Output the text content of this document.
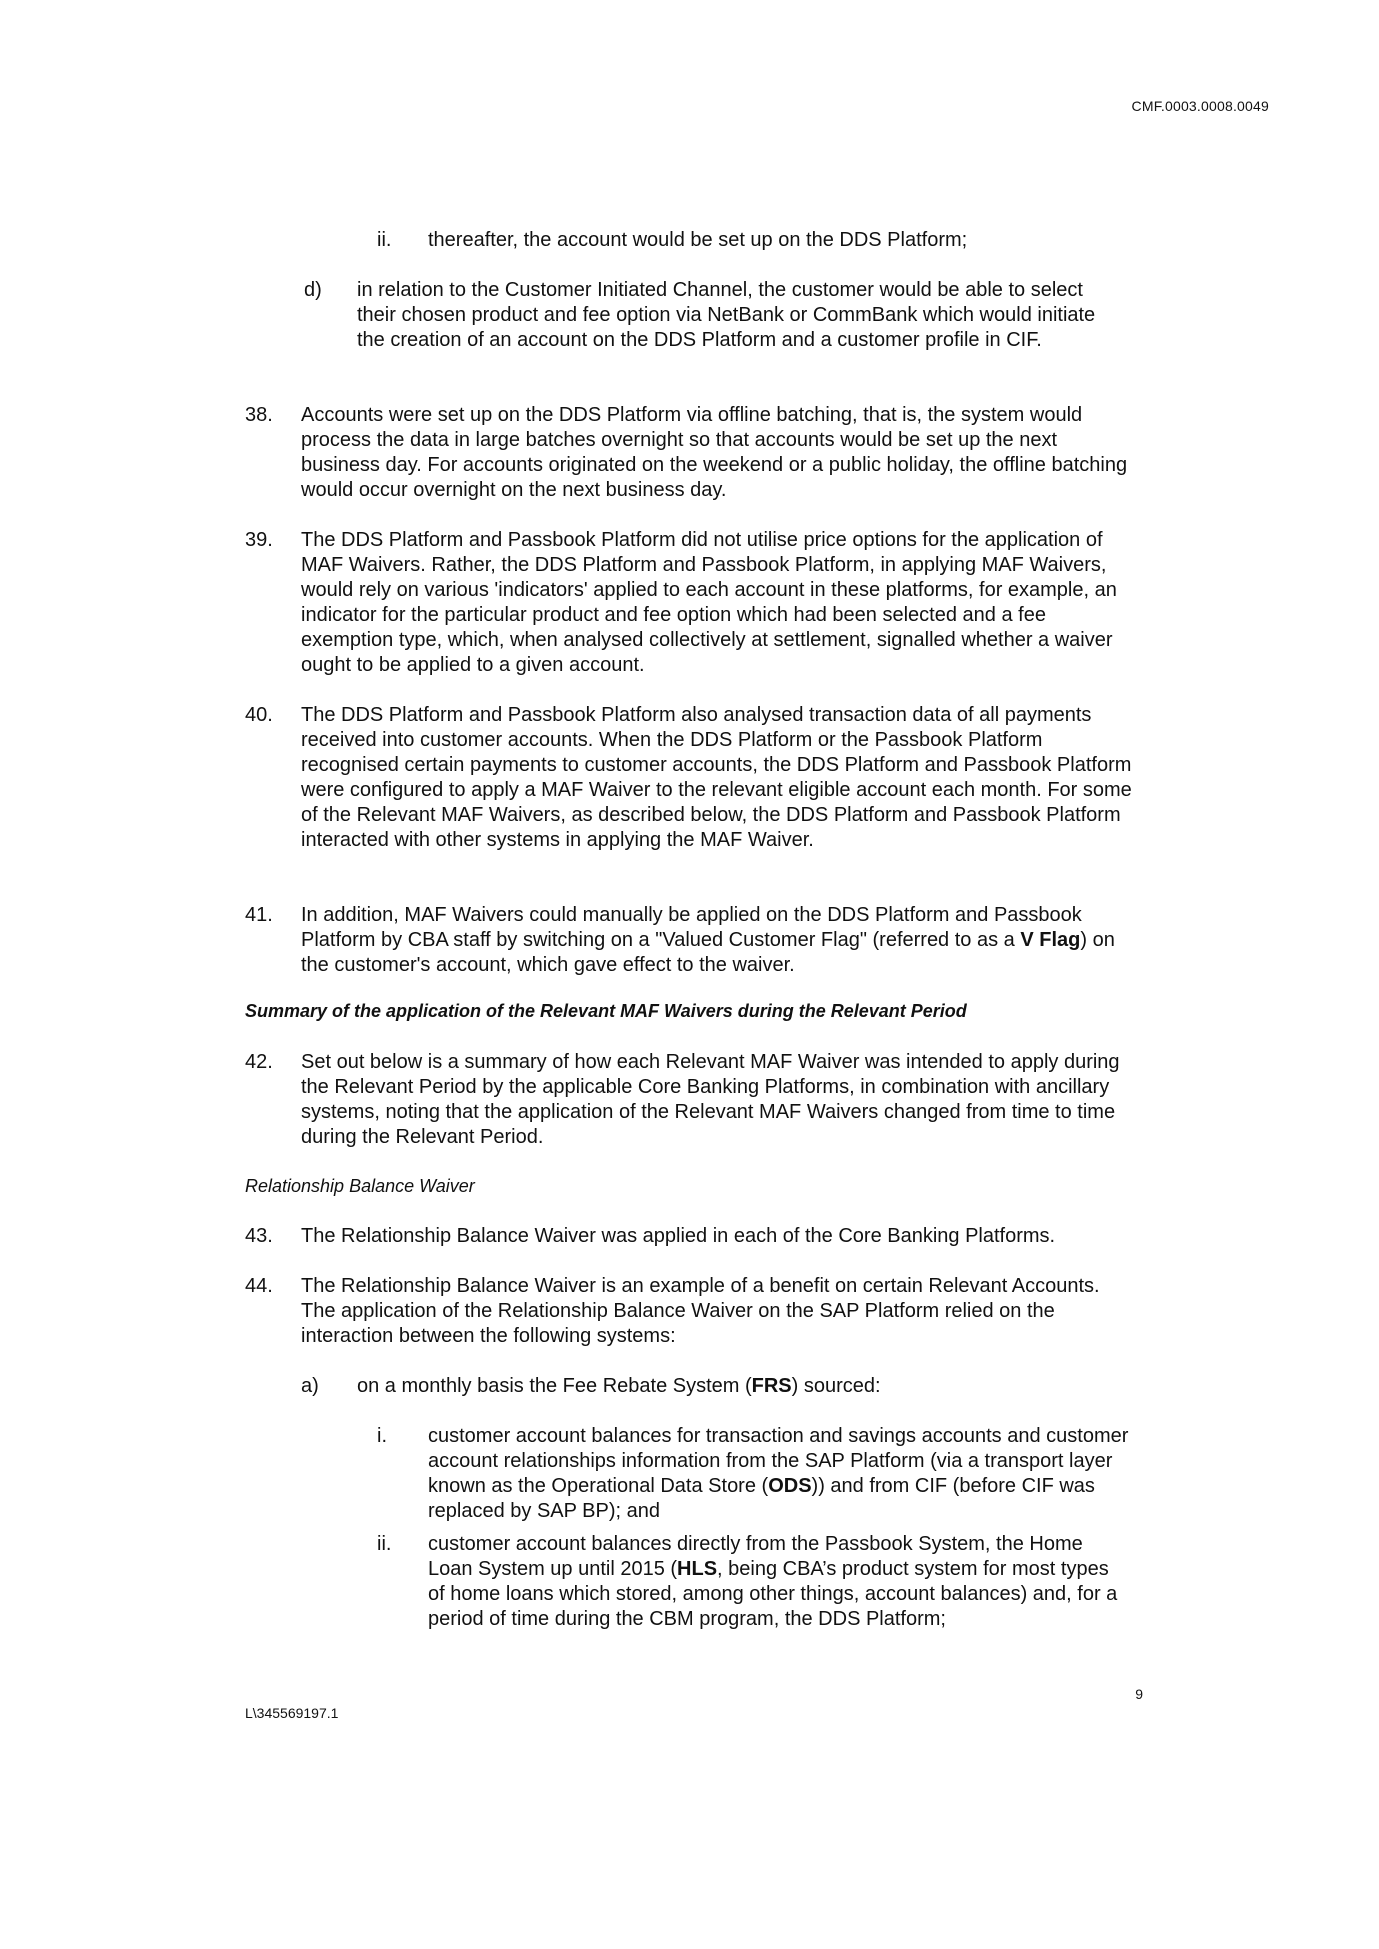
CMF.0003.0008.0049
ii. thereafter, the account would be set up on the DDS Platform;
d) in relation to the Customer Initiated Channel, the customer would be able to select their chosen product and fee option via NetBank or CommBank which would initiate the creation of an account on the DDS Platform and a customer profile in CIF.
38. Accounts were set up on the DDS Platform via offline batching, that is, the system would process the data in large batches overnight so that accounts would be set up the next business day. For accounts originated on the weekend or a public holiday, the offline batching would occur overnight on the next business day.
39. The DDS Platform and Passbook Platform did not utilise price options for the application of MAF Waivers. Rather, the DDS Platform and Passbook Platform, in applying MAF Waivers, would rely on various 'indicators' applied to each account in these platforms, for example, an indicator for the particular product and fee option which had been selected and a fee exemption type, which, when analysed collectively at settlement, signalled whether a waiver ought to be applied to a given account.
40. The DDS Platform and Passbook Platform also analysed transaction data of all payments received into customer accounts. When the DDS Platform or the Passbook Platform recognised certain payments to customer accounts, the DDS Platform and Passbook Platform were configured to apply a MAF Waiver to the relevant eligible account each month. For some of the Relevant MAF Waivers, as described below, the DDS Platform and Passbook Platform interacted with other systems in applying the MAF Waiver.
41. In addition, MAF Waivers could manually be applied on the DDS Platform and Passbook Platform by CBA staff by switching on a "Valued Customer Flag" (referred to as a V Flag) on the customer's account, which gave effect to the waiver.
Summary of the application of the Relevant MAF Waivers during the Relevant Period
42. Set out below is a summary of how each Relevant MAF Waiver was intended to apply during the Relevant Period by the applicable Core Banking Platforms, in combination with ancillary systems, noting that the application of the Relevant MAF Waivers changed from time to time during the Relevant Period.
Relationship Balance Waiver
43. The Relationship Balance Waiver was applied in each of the Core Banking Platforms.
44. The Relationship Balance Waiver is an example of a benefit on certain Relevant Accounts. The application of the Relationship Balance Waiver on the SAP Platform relied on the interaction between the following systems:
a) on a monthly basis the Fee Rebate System (FRS) sourced:
i. customer account balances for transaction and savings accounts and customer account relationships information from the SAP Platform (via a transport layer known as the Operational Data Store (ODS)) and from CIF (before CIF was replaced by SAP BP); and
ii. customer account balances directly from the Passbook System, the Home Loan System up until 2015 (HLS, being CBA’s product system for most types of home loans which stored, among other things, account balances) and, for a period of time during the CBM program, the DDS Platform;
9
L\345569197.1
